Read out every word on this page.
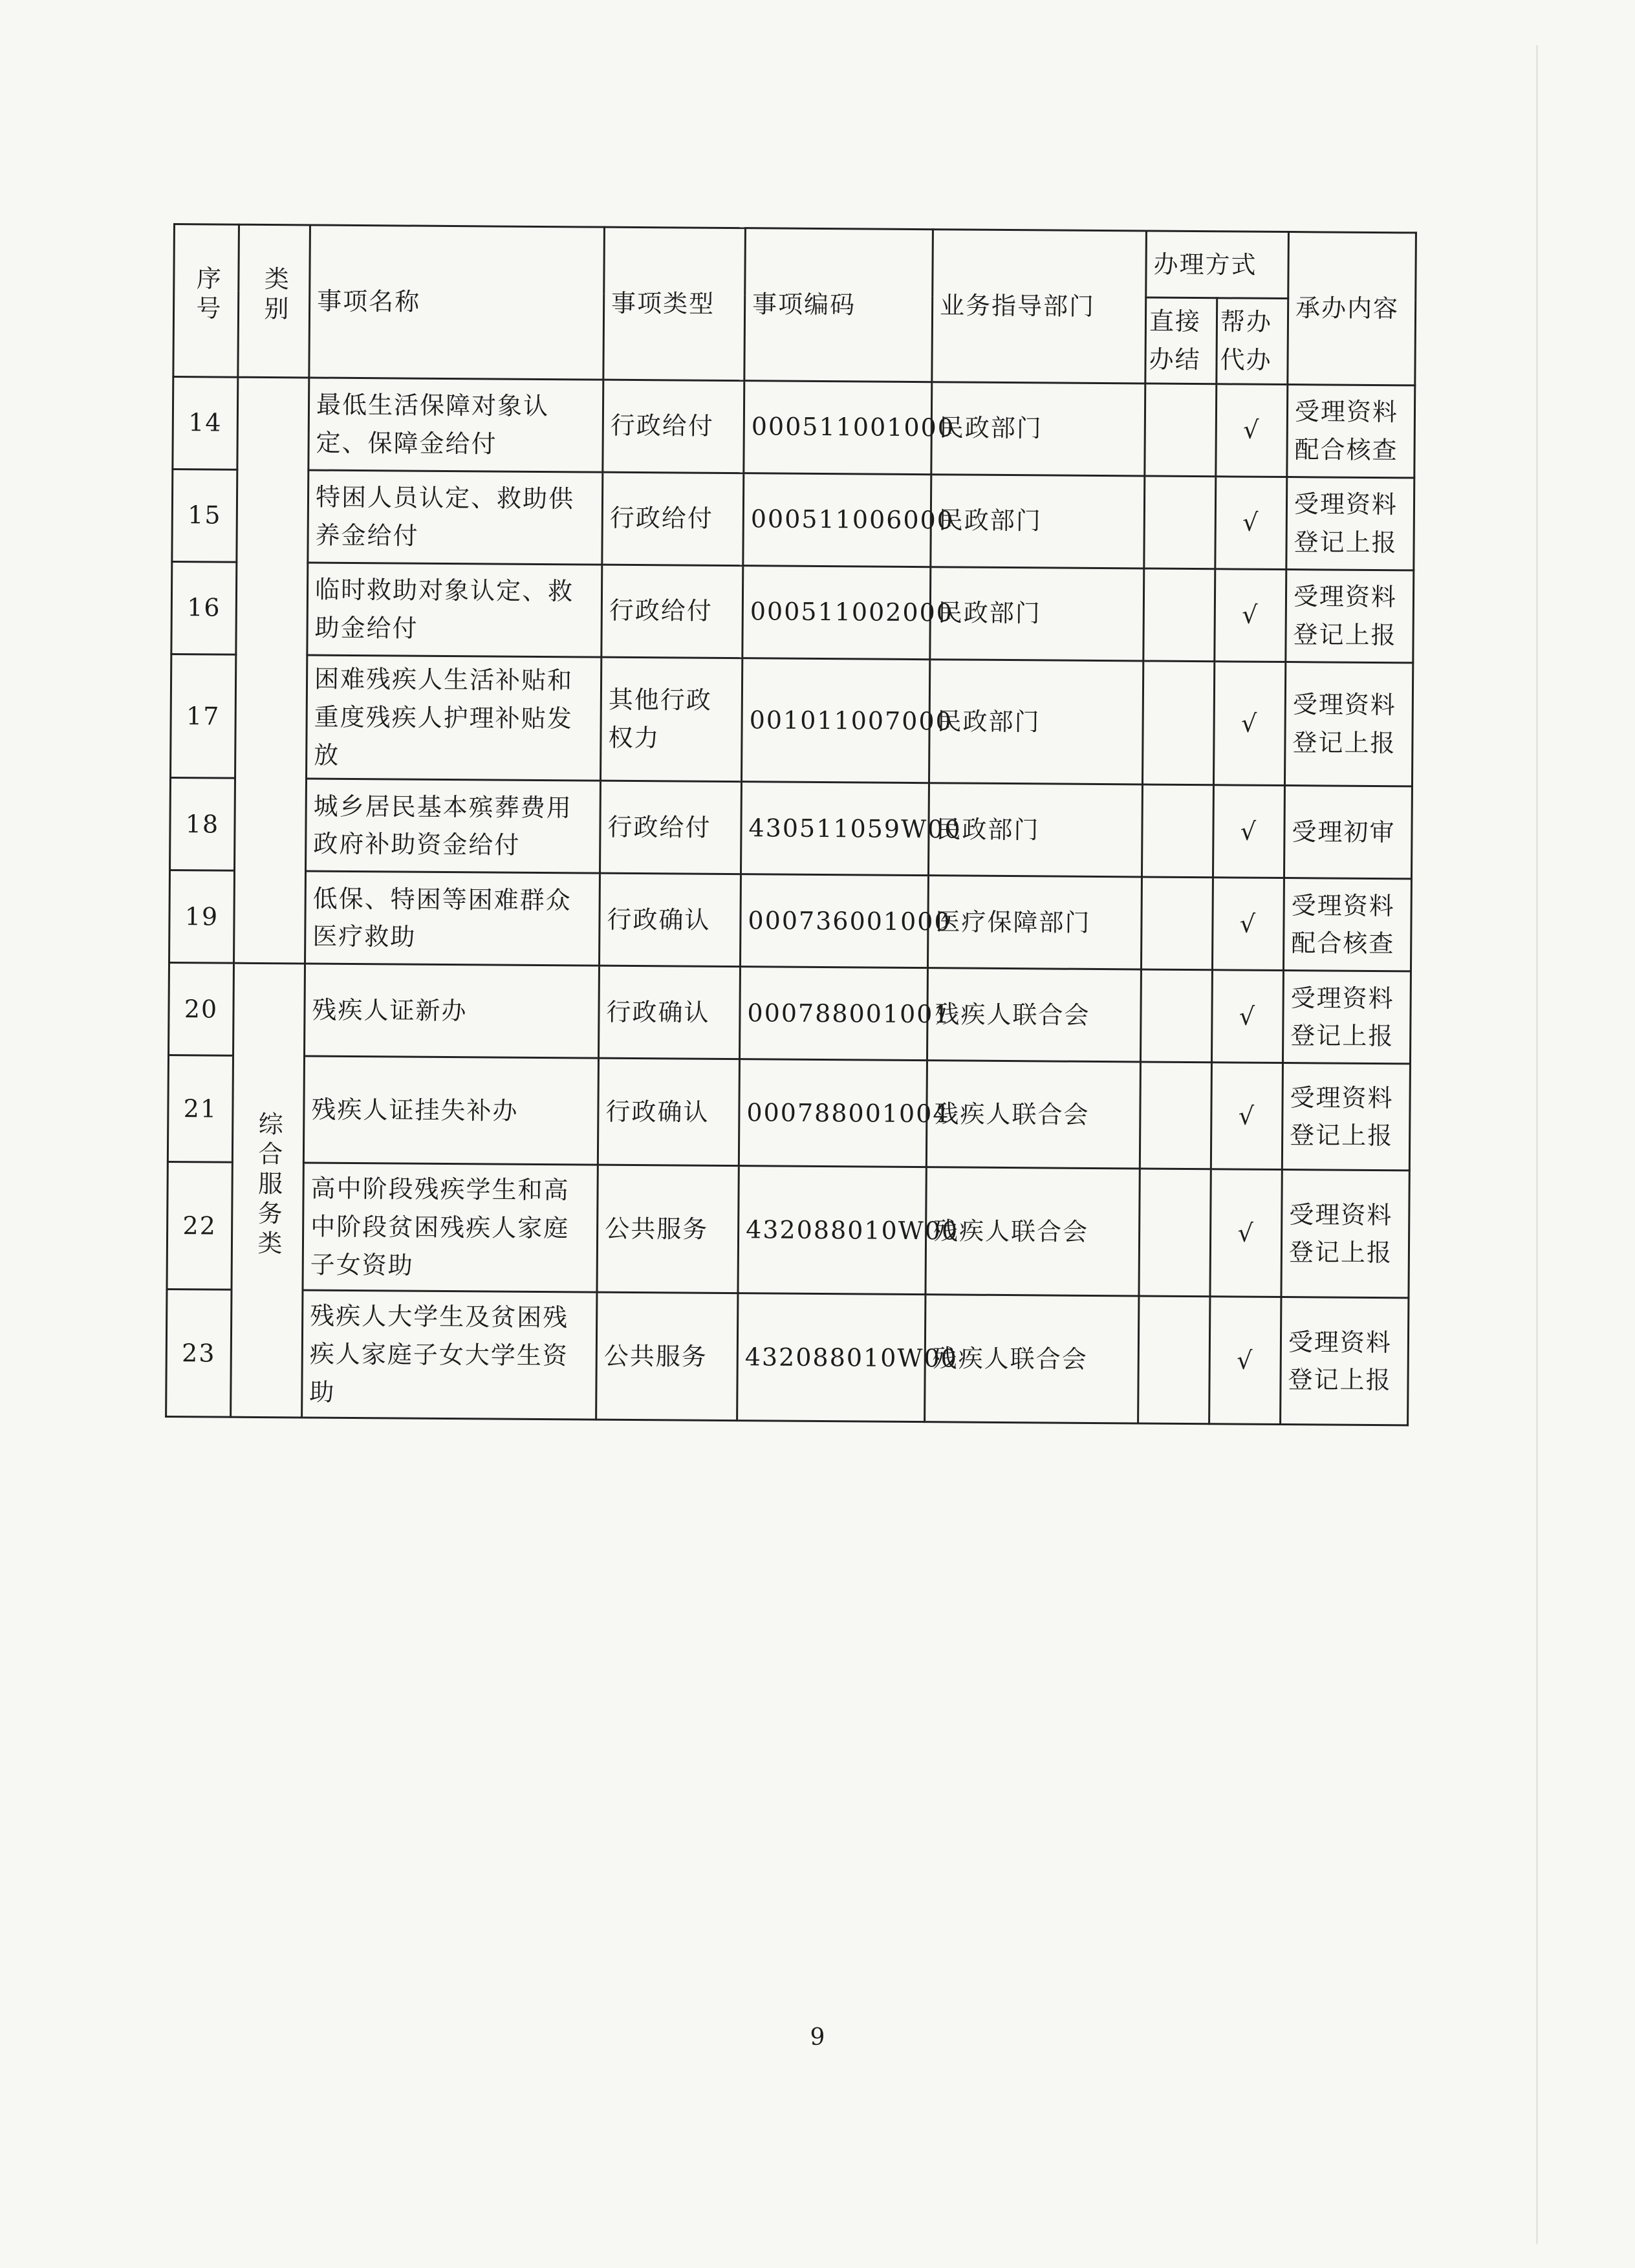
序号	类别	事项名称	事项类型	事项编码	业务指导部门	办理方式		承办内容
						直接办结	帮办代办	
14		最低生活保障对象认定、保障金给付	行政给付	000511001000	民政部门		√	受理资料配合核查
15		特困人员认定、救助供养金给付	行政给付	000511006000	民政部门		√	受理资料登记上报
16		临时救助对象认定、救助金给付	行政给付	000511002000	民政部门		√	受理资料登记上报
17		困难残疾人生活补贴和重度残疾人护理补贴发放	其他行政权力	001011007000	民政部门		√	受理资料登记上报
18		城乡居民基本殡葬费用政府补助资金给付	行政给付	430511059W00	民政部门		√	受理初审
19		低保、特困等困难群众医疗救助	行政确认	000736001000	医疗保障部门		√	受理资料配合核查
20	综合服务类	残疾人证新办	行政确认	000788001001	残疾人联合会		√	受理资料登记上报
21		残疾人证挂失补办	行政确认	000788001004	残疾人联合会		√	受理资料登记上报
22		高中阶段残疾学生和高中阶段贫困残疾人家庭子女资助	公共服务	432088010W00	残疾人联合会		√	受理资料登记上报
23		残疾人大学生及贫困残疾人家庭子女大学生资助	公共服务	432088010W00	残疾人联合会		√	受理资料登记上报
9
